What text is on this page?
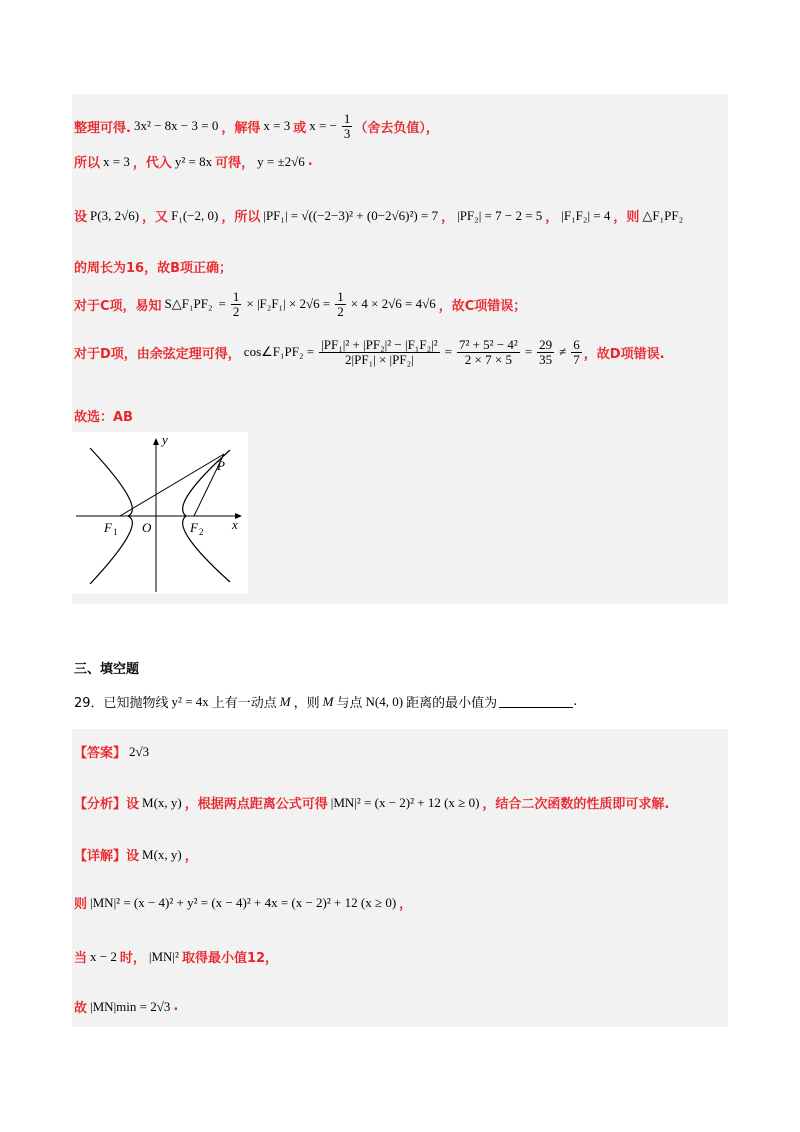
整理可得. 3x² − 8x − 3 = 0 ，解得 x = 3 或 x = − $\frac{1}{3}$ （舍去负值），
所以 x = 3 ，代入 y² = 8x 可得， y = ±2√6 .
设 P(3, 2√6) ，又 F₁(−2, 0) ，所以 |PF₁| = √((−2−3)² + (0−2√6)²) = 7 ， |PF₂| = 7 − 2 = 5 ， |F₁F₂| = 4 ，则 △F₁PF₂
的周长为16，故B项正确；
对于C项，易知 S△F₁PF₂ = $\frac{1}{2} \times |F_2F_1| \times 2√6 = \frac{1}{2} \times 4 \times 2√6 = 4√6$ ，故C项错误；
对于D项，由余弦定理可得， cos∠F₁PF₂ = $\frac{\text{|PF₁|² + |PF₂|² − |F₁F₂|²}}{\text{2|PF₁| × |PF₂|}} = \frac{\text{7² + 5² − 4²}}{2 \times 7 \times 5} = \frac{29}{35} \ne \frac{6}{7}$ ，故D项错误.
故选：AB
P
y
x
F 1 O	F 2
三、填空题
29．已知抛物线 y² = 4x 上有一动点 M ，则 M 与点 N(4, 0) 距离的最小值为	.
【答案】 2√3
【分析】设 M(x, y) ，根据两点距离公式可得 |MN|² = (x − 2)² + 12 (x ≥ 0) ，结合二次函数的性质即可求解.
【详解】设 M(x, y) ，
则 |MN|² = (x − 4)² + y² = (x − 4)² + 4x = (x − 2)² + 12 (x ≥ 0) ，
当 x − 2 时， |MN|² 取得最小值12，
故 |MN|min = 2√3 .
